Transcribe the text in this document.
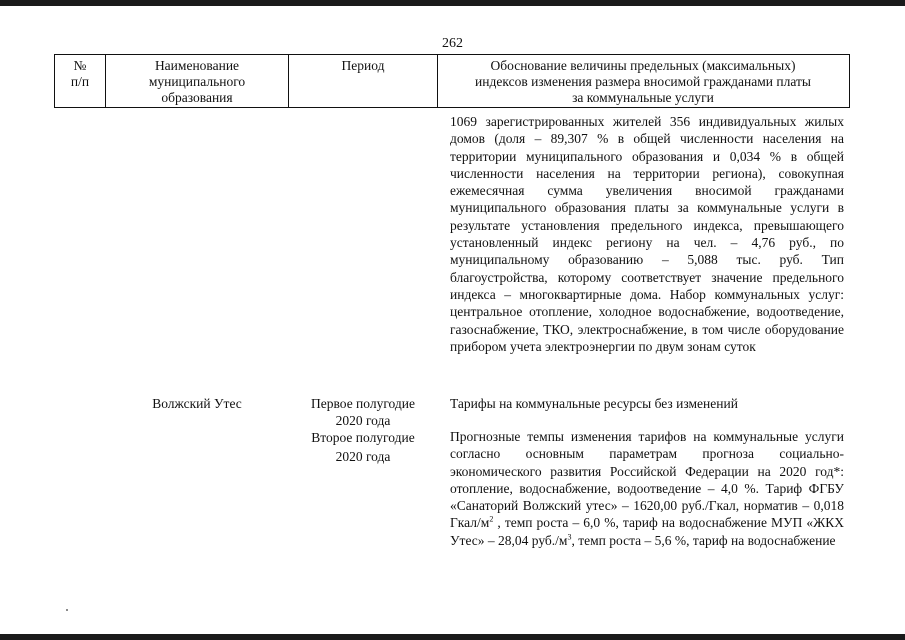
262
№
п/п
Наименование
муниципального
образования
Период	Обоснование величины предельных (максимальных)
индексов изменения размера вносимой гражданами платы
за коммунальные услуги

1069 зарегистрированных жителей 356 индивидуальных жилых домов (доля – 89,307 % в общей численности населения на территории муниципального образования и 0,034 % в общей численности населения на территории региона), совокупная ежемесячная сумма увеличения вносимой гражданами муниципального образования платы за коммунальные услуги в результате установления предельного индекса, превышающего установленный индекс региону на чел. – 4,76 руб., по муниципальному образованию – 5,088 тыс. руб. Тип благоустройства, которому соответствует значение предельного индекса – многоквартирные дома. Набор коммунальных услуг: центральное отопление, холодное водоснабжение, водоотведение, газоснабжение, ТКО, электроснабжение, в том числе оборудование прибором учета электроэнергии по двум зонам суток

Волжский Утес	Первое полугодие
2020 года

Тарифы на коммунальные ресурсы без изменений

Второе полугодие
2020 года

Прогнозные темпы изменения тарифов на коммунальные услуги согласно основным параметрам прогноза социально-экономического развития Российской Федерации на 2020 год*: отопление, водоснабжение, водоотведение – 4,0 %. Тариф ФГБУ «Санаторий Волжский утес» – 1620,00 руб./Гкал, норматив – 0,018 Гкал/$м^2$ , темп роста – 6,0 %, тариф на водоснабжение МУП «ЖКХ Утес» – 28,04 $руб./м^3$, темп роста – 5,6 %, тариф на водоснабжение
